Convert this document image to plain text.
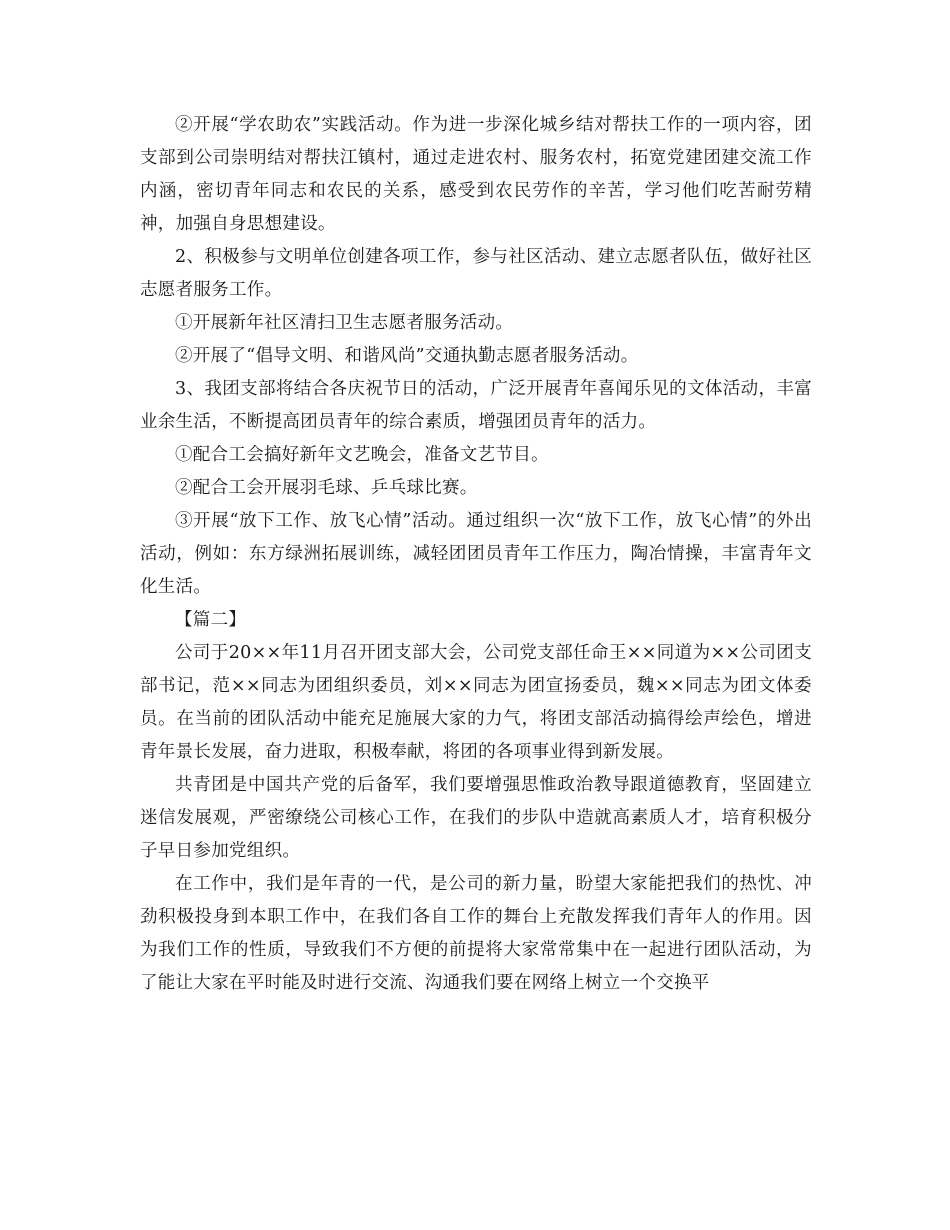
②开展“学农助农”实践活动。作为进一步深化城乡结对帮扶工作的一项内容，团支部到公司崇明结对帮扶江镇村，通过走进农村、服务农村，拓宽党建团建交流工作内涵，密切青年同志和农民的关系，感受到农民劳作的辛苦，学习他们吃苦耐劳精神，加强自身思想建设。

2、积极参与文明单位创建各项工作，参与社区活动、建立志愿者队伍，做好社区志愿者服务工作。

①开展新年社区清扫卫生志愿者服务活动。

②开展了“倡导文明、和谐风尚”交通执勤志愿者服务活动。

3、我团支部将结合各庆祝节日的活动，广泛开展青年喜闻乐见的文体活动，丰富业余生活，不断提高团员青年的综合素质，增强团员青年的活力。

①配合工会搞好新年文艺晚会，准备文艺节目。

②配合工会开展羽毛球、乒乓球比赛。

③开展“放下工作、放飞心情”活动。通过组织一次“放下工作，放飞心情”的外出活动，例如：东方绿洲拓展训练，减轻团团员青年工作压力，陶冶情操，丰富青年文化生活。

【篇二】

公司于20××年11月召开团支部大会，公司党支部任命王××同道为××公司团支部书记，范××同志为团组织委员，刘××同志为团宣扬委员，魏××同志为团文体委员。在当前的团队活动中能充足施展大家的力气，将团支部活动搞得绘声绘色，增进青年景长发展，奋力进取，积极奉献，将团的各项事业得到新发展。

共青团是中国共产党的后备军，我们要增强思惟政治教导跟道德教育，坚固建立迷信发展观，严密缭绕公司核心工作，在我们的步队中造就高素质人才，培育积极分子早日参加党组织。

在工作中，我们是年青的一代，是公司的新力量，盼望大家能把我们的热忱、冲劲积极投身到本职工作中，在我们各自工作的舞台上充散发挥我们青年人的作用。因为我们工作的性质，导致我们不方便的前提将大家常常集中在一起进行团队活动，为了能让大家在平时能及时进行交流、沟通我们要在网络上树立一个交换平
